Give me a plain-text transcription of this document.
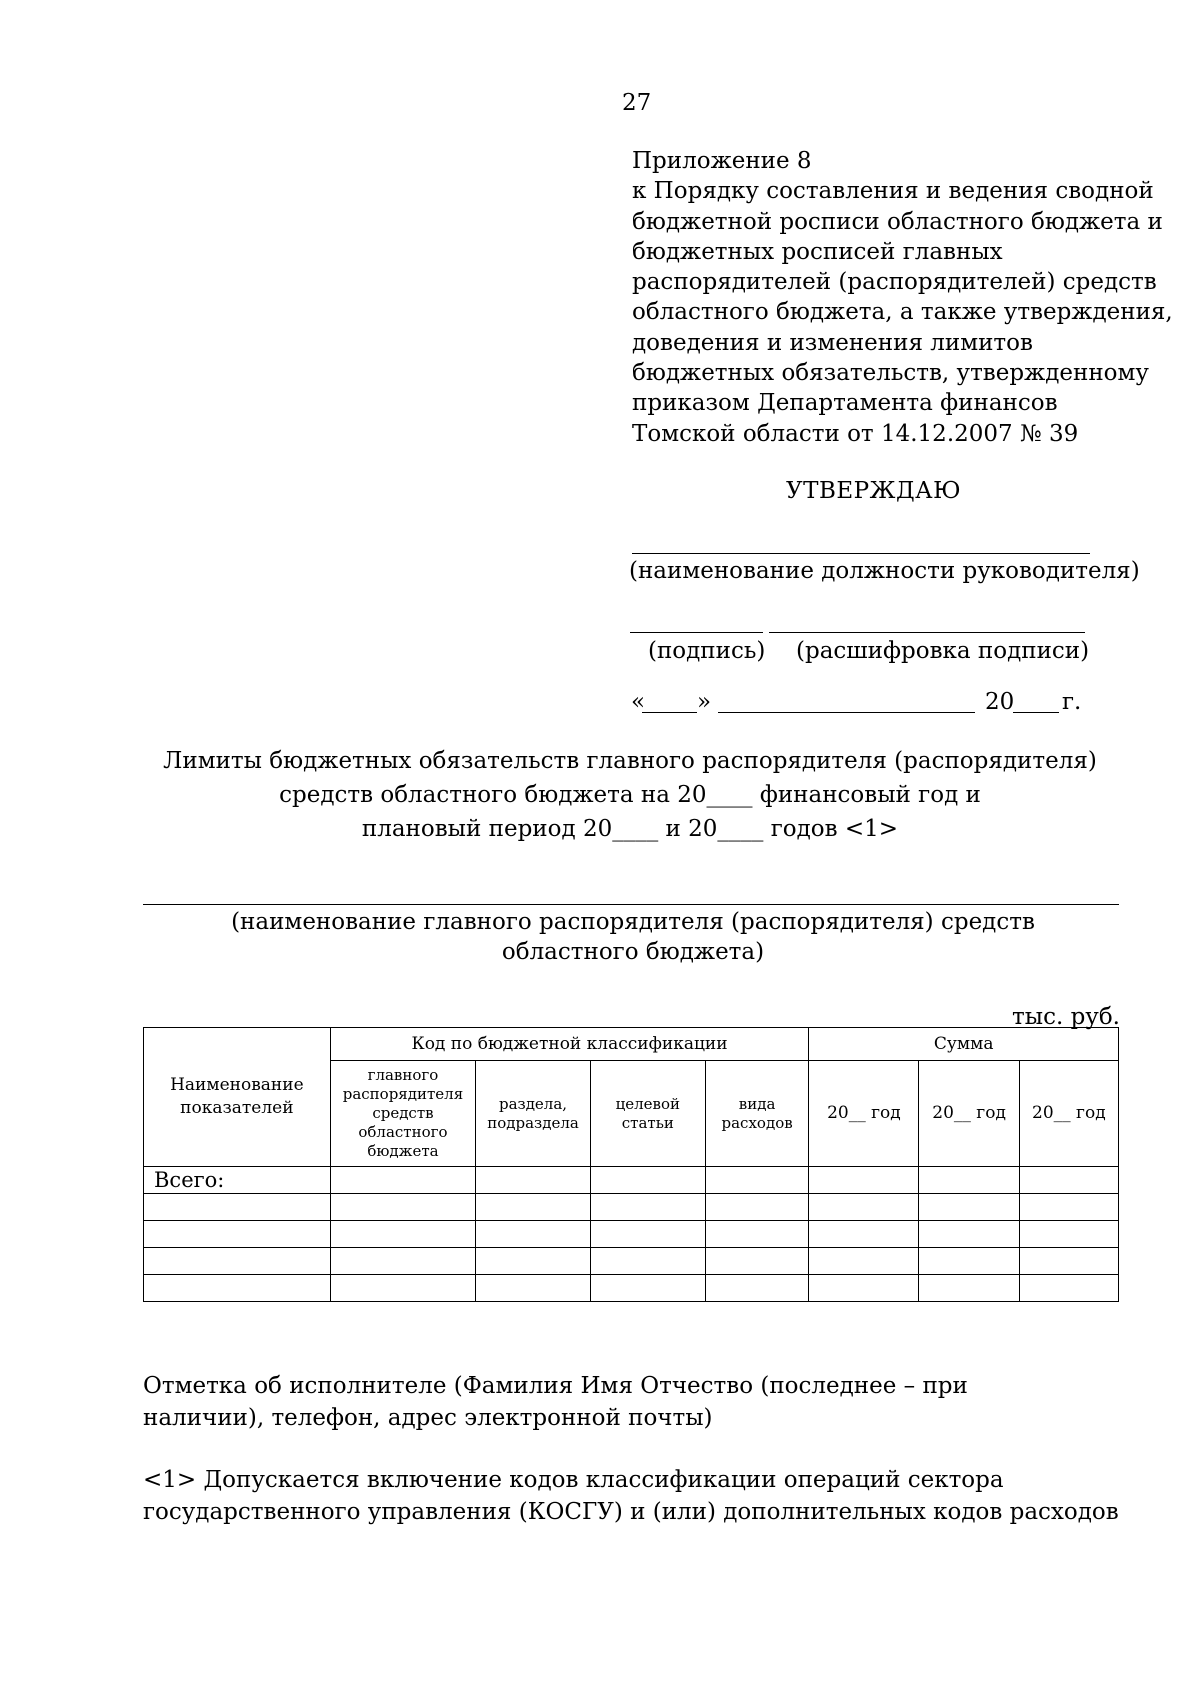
27
Приложение 8
к Порядку составления и ведения сводной
бюджетной росписи областного бюджета и
бюджетных росписей главных
распорядителей (распорядителей) средств
областного бюджета, а также утверждения,
доведения и изменения лимитов
бюджетных обязательств, утвержденному
приказом Департамента финансов
Томской области от 14.12.2007 № 39
УТВЕРЖДАЮ
(наименование должности руководителя)
(подпись) (расшифровка подписи)
« »	20 г.
Лимиты бюджетных обязательств главного распорядителя (распорядителя)
средств областного бюджета на 20____ финансовый год и
плановый период 20____ и 20____ годов <1>
(наименование главного распорядителя (распорядителя) средств областного бюджета)
тыс. руб.
Наименование показателей	Код по бюджетной классификации				Сумма		
	главного распорядителя средств областного бюджета	раздела, подраздела	целевой статьи	вида расходов	20__ год	20__ год	20__ год
Всего:							

Отметка об исполнителе (Фамилия Имя Отчество (последнее – при наличии), телефон, адрес электронной почты)
<1> Допускается включение кодов классификации операций сектора государственного управления (КОСГУ) и (или) дополнительных кодов расходов
